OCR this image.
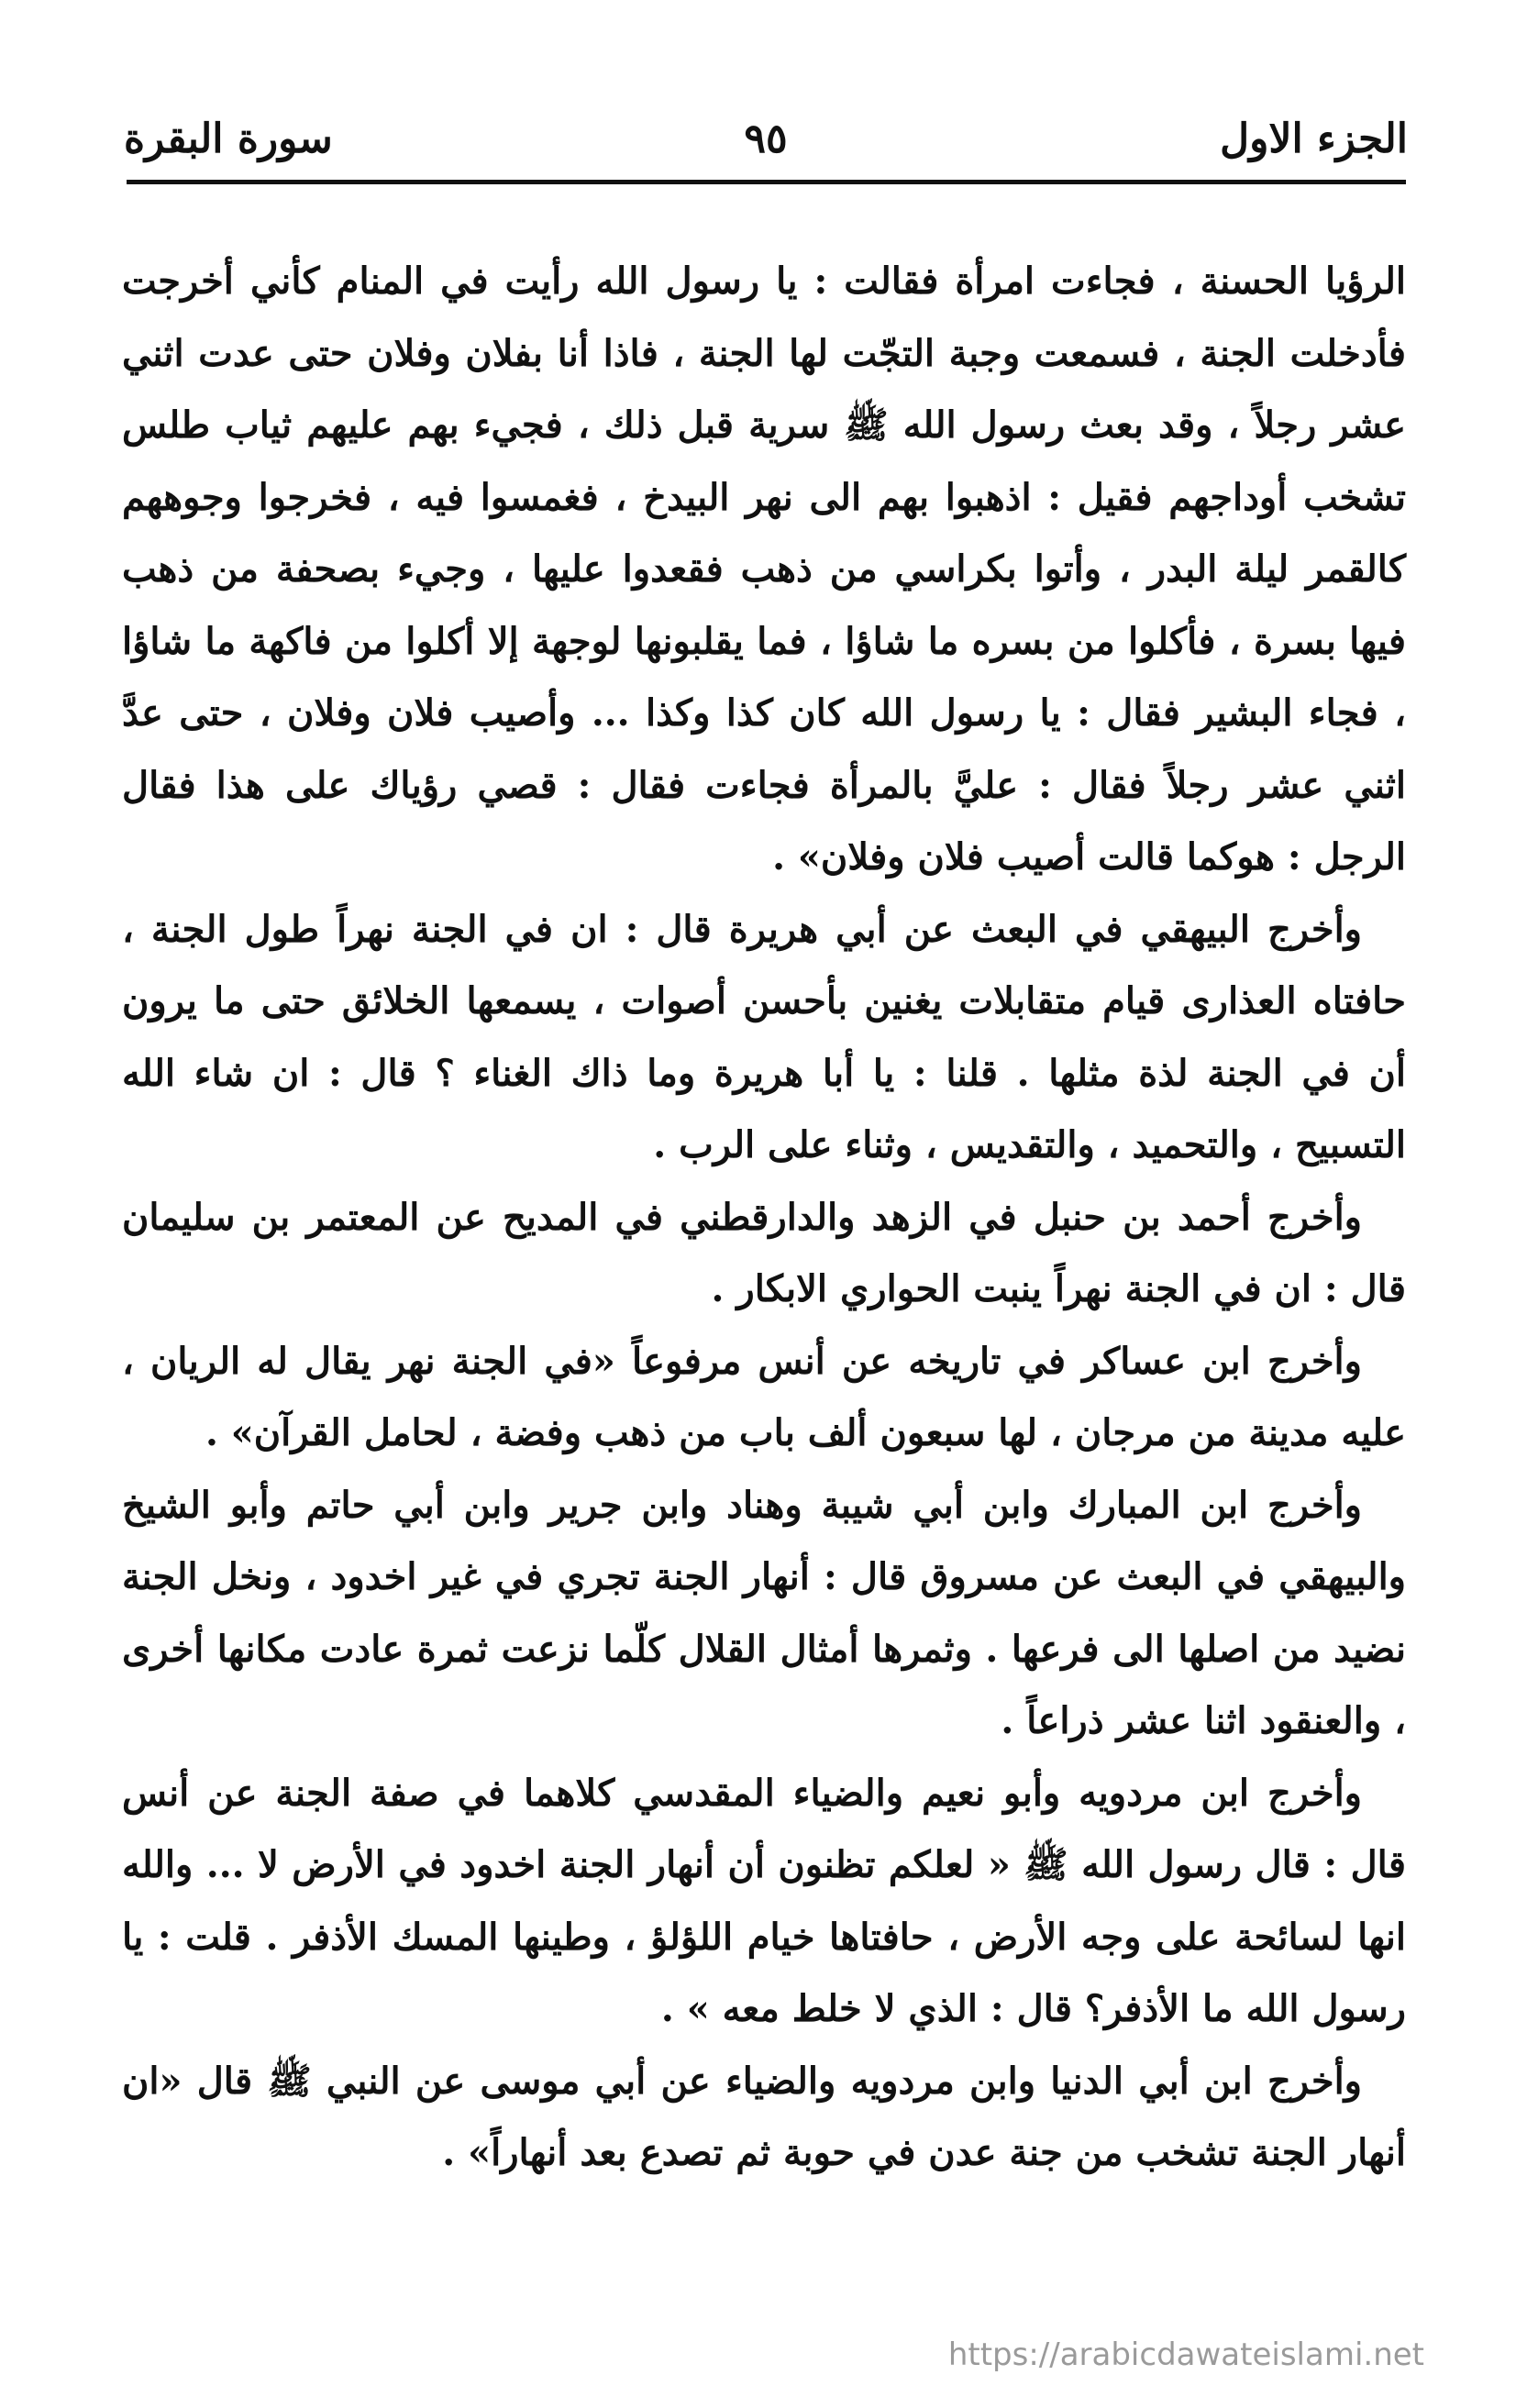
الجزء الاول
٩٥
سورة البقرة

الرؤيا الحسنة ، فجاءت امرأة فقالت : يا رسول الله رأيت في المنام كأني أخرجت فأدخلت الجنة ، فسمعت وجبة التجّت لها الجنة ، فاذا أنا بفلان وفلان حتى عدت اثني عشر رجلاً ، وقد بعث رسول الله ﷺ سرية قبل ذلك ، فجيء بهم عليهم ثياب طلس تشخب أوداجهم فقيل : اذهبوا بهم الى نهر البيدخ ، فغمسوا فيه ، فخرجوا وجوههم كالقمر ليلة البدر ، وأتوا بكراسي من ذهب فقعدوا عليها ، وجيء بصحفة من ذهب فيها بسرة ، فأكلوا من بسره ما شاؤا ، فما يقلبونها لوجهة إلا أكلوا من فاكهة ما شاؤا ، فجاء البشير فقال : يا رسول الله كان كذا وكذا ... وأصيب فلان وفلان ، حتى عدَّ اثني عشر رجلاً فقال : عليَّ بالمرأة فجاءت فقال : قصي رؤياك على هذا فقال الرجل : هوكما قالت أصيب فلان وفلان» .

وأخرج البيهقي في البعث عن أبي هريرة قال : ان في الجنة نهراً طول الجنة ، حافتاه العذارى قيام متقابلات يغنين بأحسن أصوات ، يسمعها الخلائق حتى ما يرون أن في الجنة لذة مثلها . قلنا : يا أبا هريرة وما ذاك الغناء ؟ قال : ان شاء الله التسبيح ، والتحميد ، والتقديس ، وثناء على الرب .

وأخرج أحمد بن حنبل في الزهد والدارقطني في المديح عن المعتمر بن سليمان قال : ان في الجنة نهراً ينبت الحواري الابكار .

وأخرج ابن عساكر في تاريخه عن أنس مرفوعاً «في الجنة نهر يقال له الريان ، عليه مدينة من مرجان ، لها سبعون ألف باب من ذهب وفضة ، لحامل القرآن» .

وأخرج ابن المبارك وابن أبي شيبة وهناد وابن جرير وابن أبي حاتم وأبو الشيخ والبيهقي في البعث عن مسروق قال : أنهار الجنة تجري في غير اخدود ، ونخل الجنة نضيد من اصلها الى فرعها . وثمرها أمثال القلال كلّما نزعت ثمرة عادت مكانها أخرى ، والعنقود اثنا عشر ذراعاً .

وأخرج ابن مردويه وأبو نعيم والضياء المقدسي كلاهما في صفة الجنة عن أنس قال : قال رسول الله ﷺ « لعلكم تظنون أن أنهار الجنة اخدود في الأرض لا ... والله انها لسائحة على وجه الأرض ، حافتاها خيام اللؤلؤ ، وطينها المسك الأذفر . قلت : يا رسول الله ما الأذفر؟ قال : الذي لا خلط معه » .

وأخرج ابن أبي الدنيا وابن مردويه والضياء عن أبي موسى عن النبي ﷺ قال «ان أنهار الجنة تشخب من جنة عدن في حوبة ثم تصدع بعد أنهاراً» .

https://arabicdawateislami.net
